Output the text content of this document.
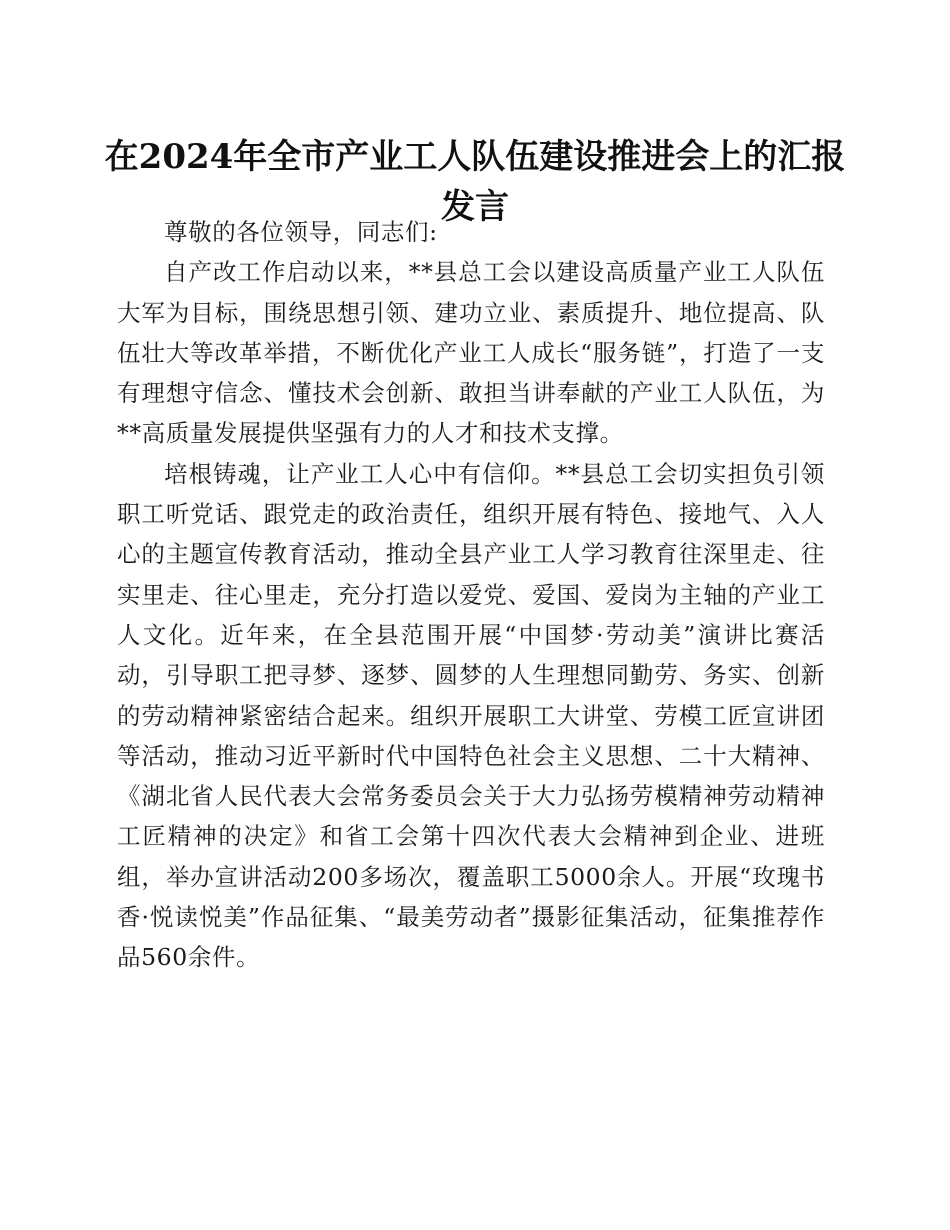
在2024年全市产业工人队伍建设推进会上的汇报发言

尊敬的各位领导，同志们:

自产改工作启动以来，**县总工会以建设高质量产业工人队伍大军为目标，围绕思想引领、建功立业、素质提升、地位提高、队伍壮大等改革举措，不断优化产业工人成长“服务链”，打造了一支有理想守信念、懂技术会创新、敢担当讲奉献的产业工人队伍，为**高质量发展提供坚强有力的人才和技术支撑。

培根铸魂，让产业工人心中有信仰。**县总工会切实担负引领职工听党话、跟党走的政治责任，组织开展有特色、接地气、入人心的主题宣传教育活动，推动全县产业工人学习教育往深里走、往实里走、往心里走，充分打造以爱党、爱国、爱岗为主轴的产业工人文化。近年来，在全县范围开展“中国梦·劳动美”演讲比赛活动，引导职工把寻梦、逐梦、圆梦的人生理想同勤劳、务实、创新的劳动精神紧密结合起来。组织开展职工大讲堂、劳模工匠宣讲团等活动，推动习近平新时代中国特色社会主义思想、二十大精神、《湖北省人民代表大会常务委员会关于大力弘扬劳模精神劳动精神工匠精神的决定》和省工会第十四次代表大会精神到企业、进班组，举办宣讲活动200多场次，覆盖职工5000余人。开展“玫瑰书香·悦读悦美”作品征集、“最美劳动者”摄影征集活动，征集推荐作品560余件。
